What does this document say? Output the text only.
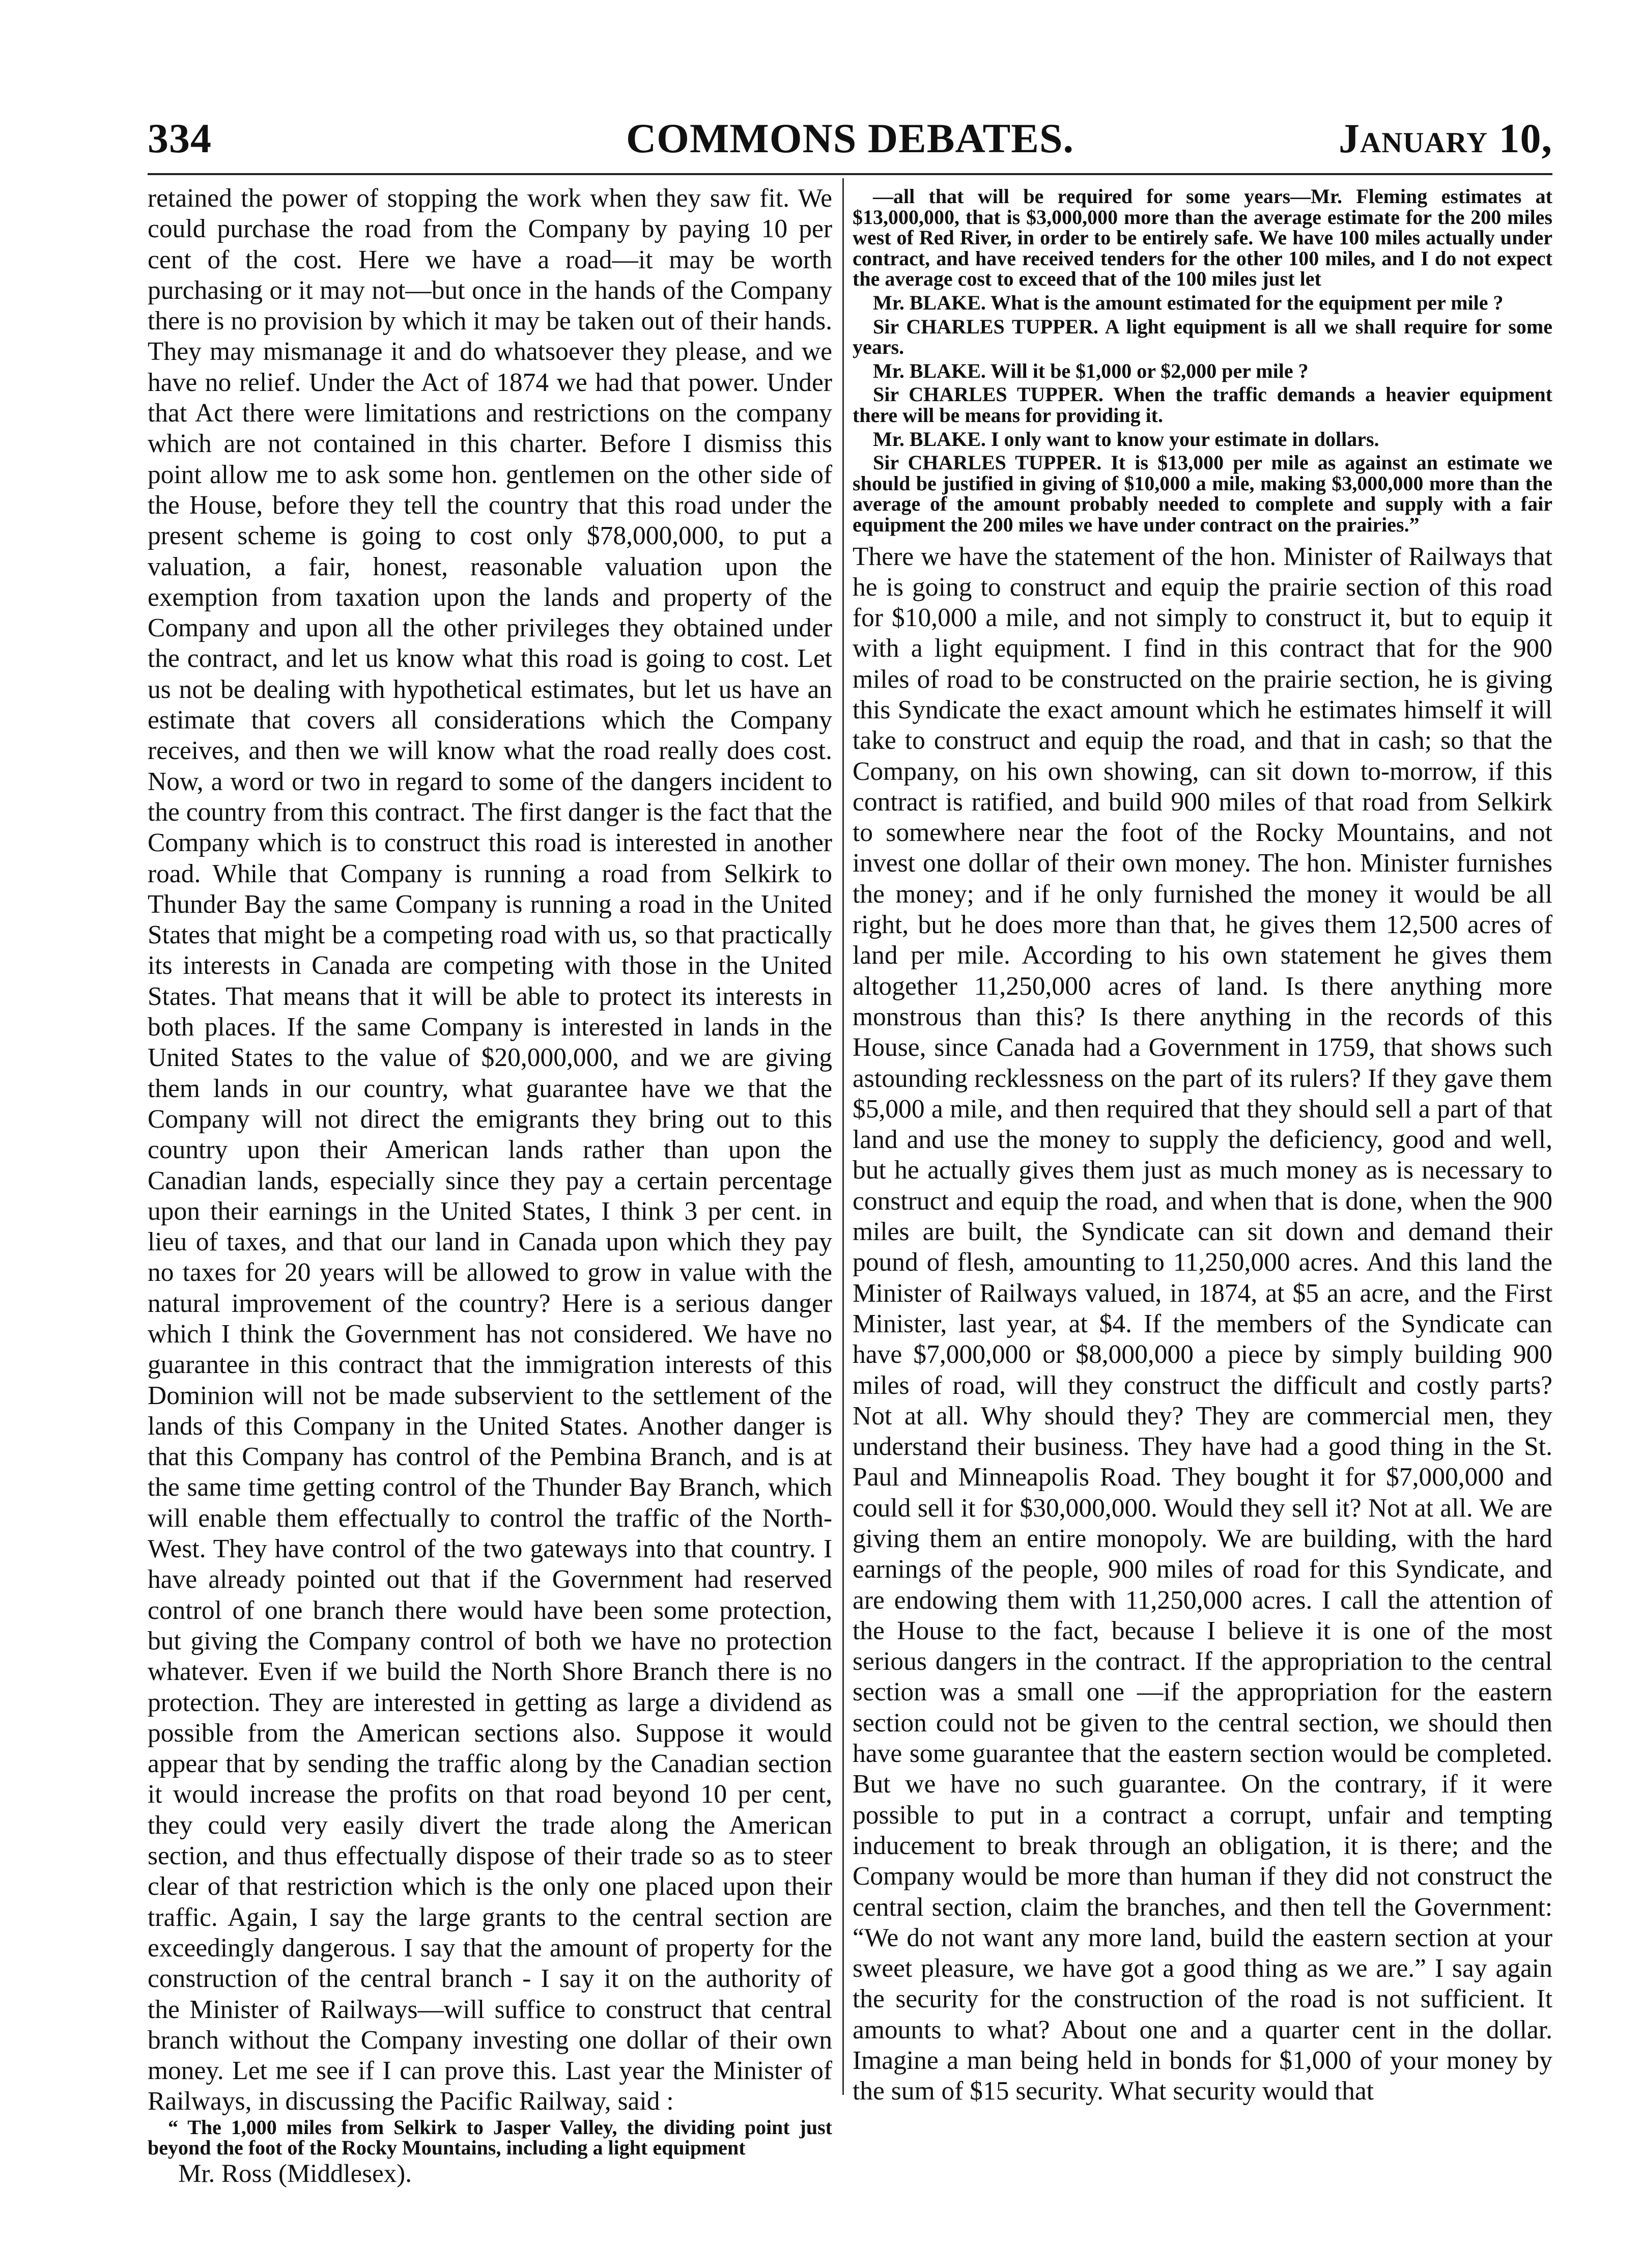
334	COMMONS DEBATES.	January 10,

retained the power of stopping the work when they saw fit. We could purchase the road from the Company by paying 10 per cent of the cost. Here we have a road—it may be worth purchasing or it may not—but once in the hands of the Company there is no provision by which it may be taken out of their hands. They may mismanage it and do whatsoever they please, and we have no relief. Under the Act of 1874 we had that power. Under that Act there were limitations and restrictions on the company which are not contained in this charter. Before I dismiss this point allow me to ask some hon. gentlemen on the other side of the House, before they tell the country that this road under the present scheme is going to cost only $78,000,000, to put a valuation, a fair, honest, reasonable valuation upon the exemption from taxation upon the lands and property of the Company and upon all the other privileges they obtained under the contract, and let us know what this road is going to cost. Let us not be dealing with hypothetical estimates, but let us have an estimate that covers all considerations which the Company receives, and then we will know what the road really does cost. Now, a word or two in regard to some of the dangers incident to the country from this contract. The first danger is the fact that the Company which is to construct this road is interested in another road. While that Company is running a road from Selkirk to Thunder Bay the same Company is running a road in the United States that might be a competing road with us, so that practically its interests in Canada are competing with those in the United States. That means that it will be able to protect its interests in both places. If the same Company is interested in lands in the United States to the value of $20,000,000, and we are giving them lands in our country, what guarantee have we that the Company will not direct the emigrants they bring out to this country upon their American lands rather than upon the Canadian lands, especially since they pay a certain percentage upon their earnings in the United States, I think 3 per cent. in lieu of taxes, and that our land in Canada upon which they pay no taxes for 20 years will be allowed to grow in value with the natural improvement of the country? Here is a serious danger which I think the Government has not considered. We have no guarantee in this contract that the immigration interests of this Dominion will not be made subservient to the settlement of the lands of this Company in the United States. Another danger is that this Company has control of the Pembina Branch, and is at the same time getting control of the Thunder Bay Branch, which will enable them effectually to control the traffic of the North-West. They have control of the two gateways into that country. I have already pointed out that if the Government had reserved control of one branch there would have been some protection, but giving the Company control of both we have no protection whatever. Even if we build the North Shore Branch there is no protection. They are interested in getting as large a dividend as possible from the American sections also. Suppose it would appear that by sending the traffic along by the Canadian section it would increase the profits on that road beyond 10 per cent, they could very easily divert the trade along the American section, and thus effectually dispose of their trade so as to steer clear of that restriction which is the only one placed upon their traffic. Again, I say the large grants to the central section are exceedingly dangerous. I say that the amount of property for the construction of the central branch - I say it on the authority of the Minister of Railways—will suffice to construct that central branch without the Company investing one dollar of their own money. Let me see if I can prove this. Last year the Minister of Railways, in discussing the Pacific Railway, said :

“ The 1,000 miles from Selkirk to Jasper Valley, the dividing point just beyond the foot of the Rocky Mountains, including a light equipment

Mr. Ross (Middlesex).

—all that will be required for some years—Mr. Fleming estimates at $13,000,000, that is $3,000,000 more than the average estimate for the 200 miles west of Red River, in order to be entirely safe. We have 100 miles actually under contract, and have received tenders for the other 100 miles, and I do not expect the average cost to exceed that of the 100 miles just let

Mr. BLAKE. What is the amount estimated for the equipment per mile ?

Sir CHARLES TUPPER. A light equipment is all we shall require for some years.

Mr. BLAKE. Will it be $1,000 or $2,000 per mile ?

Sir CHARLES TUPPER. When the traffic demands a heavier equipment there will be means for providing it.

Mr. BLAKE. I only want to know your estimate in dollars.

Sir CHARLES TUPPER. It is $13,000 per mile as against an estimate we should be justified in giving of $10,000 a mile, making $3,000,000 more than the average of the amount probably needed to complete and supply with a fair equipment the 200 miles we have under contract on the prairies.”

There we have the statement of the hon. Minister of Railways that he is going to construct and equip the prairie section of this road for $10,000 a mile, and not simply to construct it, but to equip it with a light equipment. I find in this contract that for the 900 miles of road to be constructed on the prairie section, he is giving this Syndicate the exact amount which he estimates himself it will take to construct and equip the road, and that in cash; so that the Company, on his own showing, can sit down to-morrow, if this contract is ratified, and build 900 miles of that road from Selkirk to somewhere near the foot of the Rocky Mountains, and not invest one dollar of their own money. The hon. Minister furnishes the money; and if he only furnished the money it would be all right, but he does more than that, he gives them 12,500 acres of land per mile. According to his own statement he gives them altogether 11,250,000 acres of land. Is there anything more monstrous than this? Is there anything in the records of this House, since Canada had a Government in 1759, that shows such astounding recklessness on the part of its rulers? If they gave them $5,000 a mile, and then required that they should sell a part of that land and use the money to supply the deficiency, good and well, but he actually gives them just as much money as is necessary to construct and equip the road, and when that is done, when the 900 miles are built, the Syndicate can sit down and demand their pound of flesh, amounting to 11,250,000 acres. And this land the Minister of Railways valued, in 1874, at $5 an acre, and the First Minister, last year, at $4. If the members of the Syndicate can have $7,000,000 or $8,000,000 a piece by simply building 900 miles of road, will they construct the difficult and costly parts? Not at all. Why should they? They are commercial men, they understand their business. They have had a good thing in the St. Paul and Minneapolis Road. They bought it for $7,000,000 and could sell it for $30,000,000. Would they sell it? Not at all. We are giving them an entire monopoly. We are building, with the hard earnings of the people, 900 miles of road for this Syndicate, and are endowing them with 11,250,000 acres. I call the attention of the House to the fact, because I believe it is one of the most serious dangers in the contract. If the appropriation to the central section was a small one —if the appropriation for the eastern section could not be given to the central section, we should then have some guarantee that the eastern section would be completed. But we have no such guarantee. On the contrary, if it were possible to put in a contract a corrupt, unfair and tempting inducement to break through an obligation, it is there; and the Company would be more than human if they did not construct the central section, claim the branches, and then tell the Government: “We do not want any more land, build the eastern section at your sweet pleasure, we have got a good thing as we are.” I say again the security for the construction of the road is not sufficient. It amounts to what? About one and a quarter cent in the dollar. Imagine a man being held in bonds for $1,000 of your money by the sum of $15 security. What security would that
